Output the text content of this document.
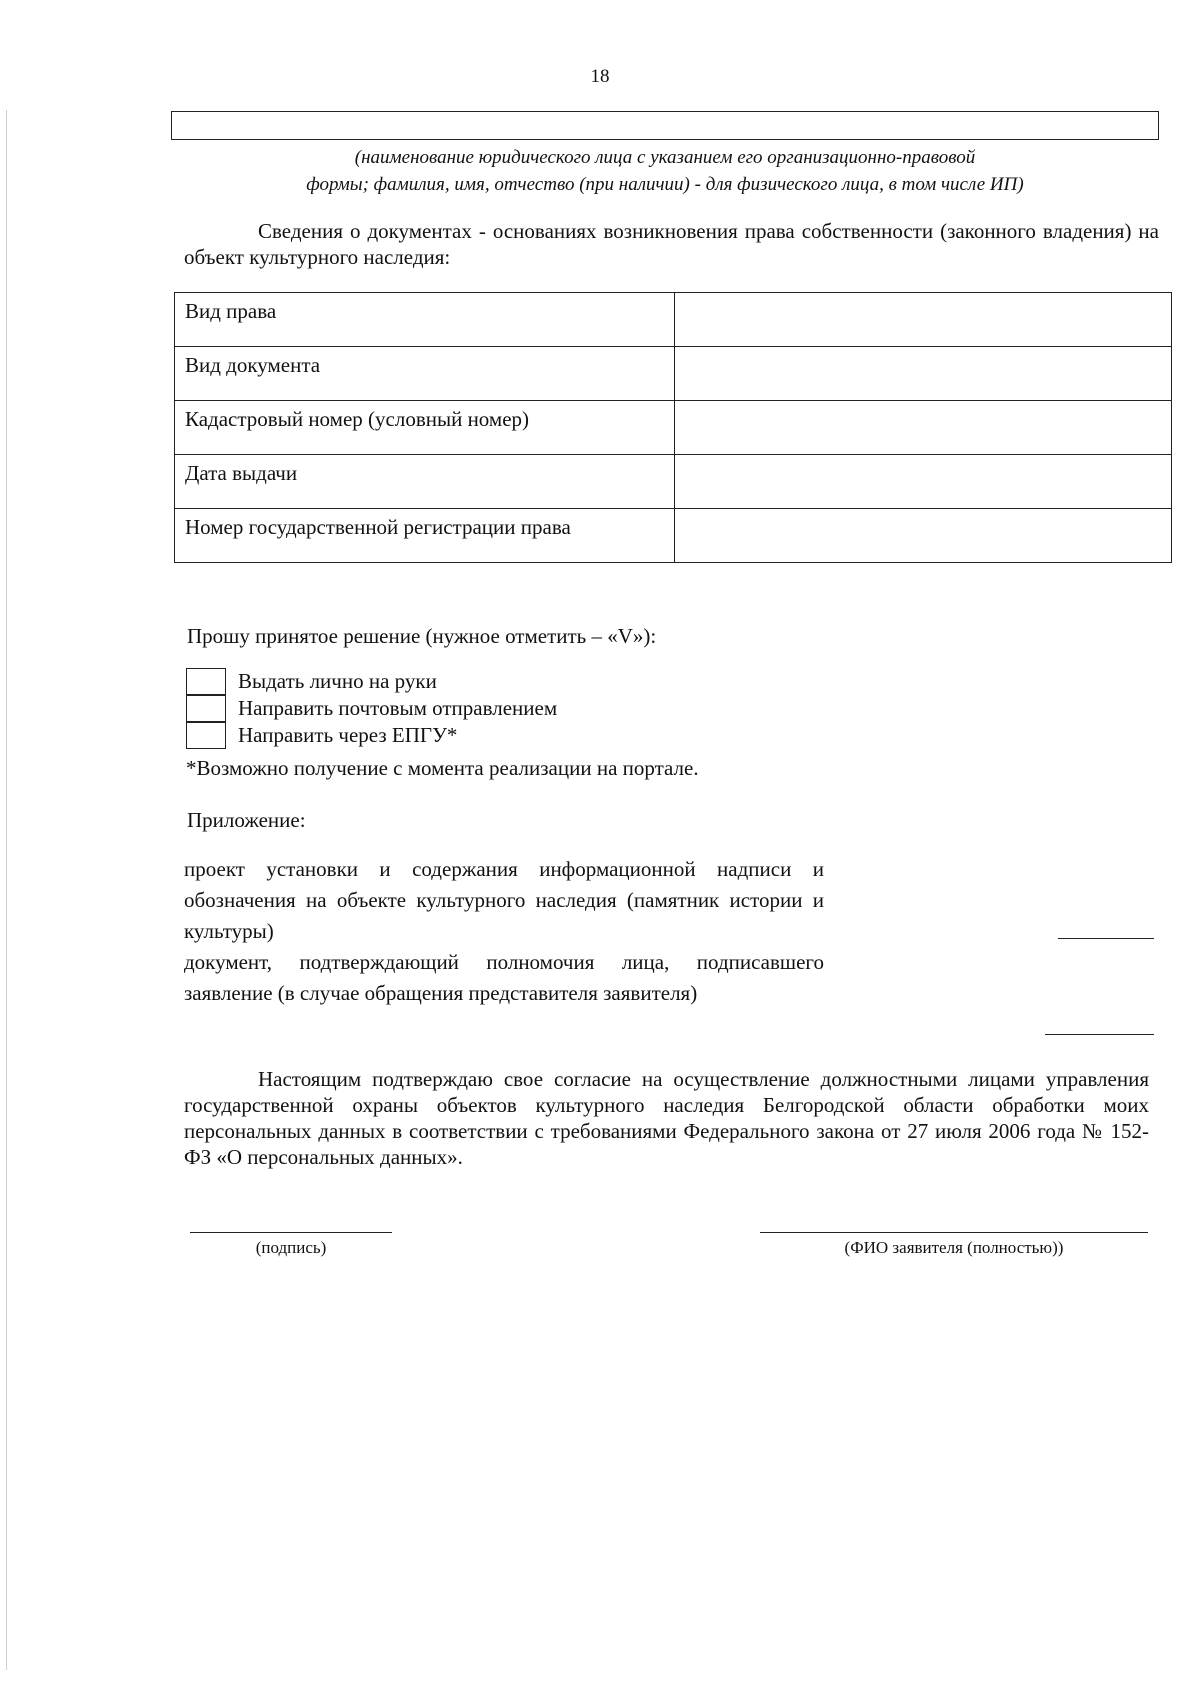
18
(наименование юридического лица с указанием его организационно-правовой
формы; фамилия, имя, отчество (при наличии) - для физического лица, в том числе ИП)
Сведения о документах - основаниях возникновения права собственности (законного владения) на объект культурного наследия:
Вид права	
Вид документа	
Кадастровый номер (условный номер)	
Дата выдачи	
Номер государственной регистрации права	
Прошу принятое решение (нужное отметить – «V»):
Выдать лично на руки
Направить почтовым отправлением
Направить через ЕПГУ*
*Возможно получение с момента реализации на портале.
Приложение:
проект установки и содержания информационной надписи и обозначения на объекте культурного наследия (памятник истории и культуры)
документ, подтверждающий полномочия лица, подписавшего заявление (в случае обращения представителя заявителя)
Настоящим подтверждаю свое согласие на осуществление должностными лицами управления государственной охраны объектов культурного наследия Белгородской области обработки моих персональных данных в соответствии с требованиями Федерального закона от 27 июля 2006 года № 152-ФЗ «О персональных данных».
(подпись)	(ФИО заявителя (полностью))
